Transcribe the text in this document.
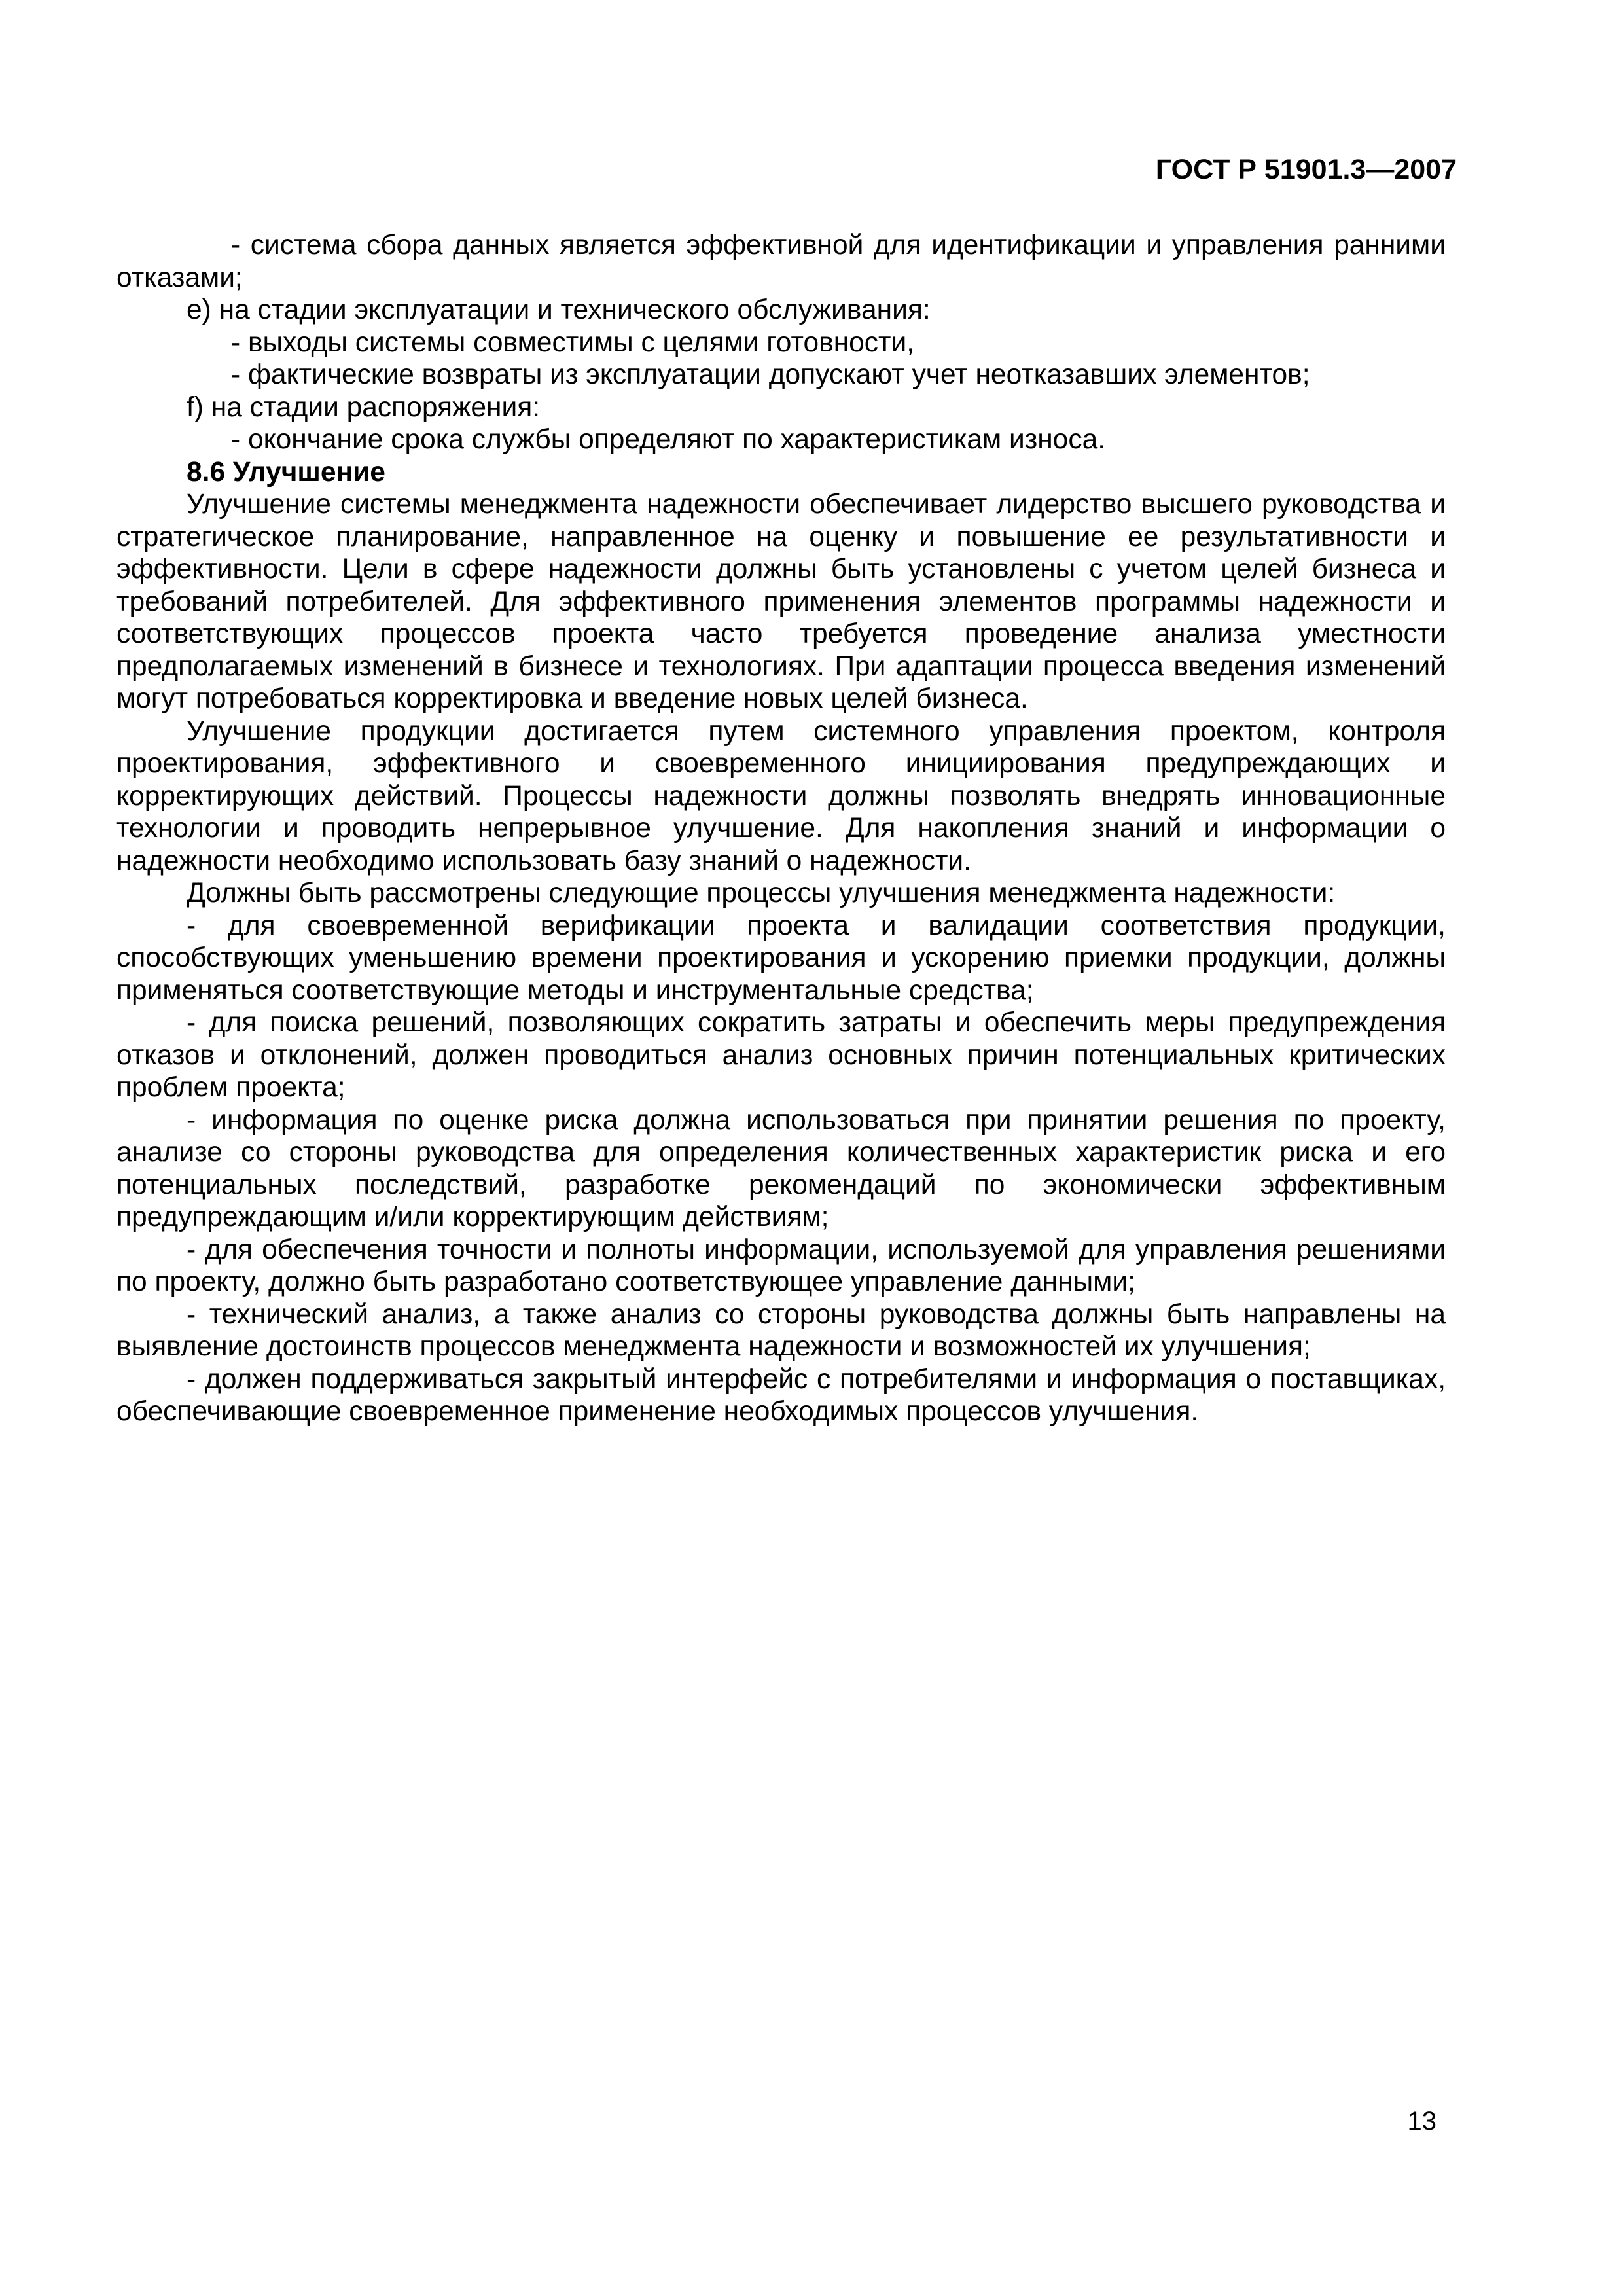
ГОСТ Р 51901.3—2007

- система сбора данных является эффективной для идентификации и управления ранними отказами;

е) на стадии эксплуатации и технического обслуживания:

- выходы системы совместимы с целями готовности,

- фактические возвраты из эксплуатации допускают учет неотказавших элементов;

f) на стадии распоряжения:

- окончание срока службы определяют по характеристикам износа.

8.6 Улучшение

Улучшение системы менеджмента надежности обеспечивает лидерство высшего руководства и стратегическое планирование, направленное на оценку и повышение ее результативности и эффективности. Цели в сфере надежности должны быть установлены с учетом целей бизнеса и требований потребителей. Для эффективного применения элементов программы надежности и соответствующих процессов проекта часто требуется проведение анализа уместности предполагаемых изменений в бизнесе и технологиях. При адаптации процесса введения изменений могут потребоваться корректировка и введение новых целей бизнеса.

Улучшение продукции достигается путем системного управления проектом, контроля проектирования, эффективного и своевременного инициирования предупреждающих и корректирующих действий. Процессы надежности должны позволять внедрять инновационные технологии и проводить непрерывное улучшение. Для накопления знаний и информации о надежности необходимо использовать базу знаний о надежности.

Должны быть рассмотрены следующие процессы улучшения менеджмента надежности:

- для своевременной верификации проекта и валидации соответствия продукции, способствующих уменьшению времени проектирования и ускорению приемки продукции, должны применяться соответствующие методы и инструментальные средства;

- для поиска решений, позволяющих сократить затраты и обеспечить меры предупреждения отказов и отклонений, должен проводиться анализ основных причин потенциальных критических проблем проекта;

- информация по оценке риска должна использоваться при принятии решения по проекту, анализе со стороны руководства для определения количественных характеристик риска и его потенциальных последствий, разработке рекомендаций по экономически эффективным предупреждающим и/или корректирующим действиям;

- для обеспечения точности и полноты информации, используемой для управления решениями по проекту, должно быть разработано соответствующее управление данными;

- технический анализ, а также анализ со стороны руководства должны быть направлены на выявление достоинств процессов менеджмента надежности и возможностей их улучшения;

- должен поддерживаться закрытый интерфейс с потребителями и информация о поставщиках, обеспечивающие своевременное применение необходимых процессов улучшения.

13
